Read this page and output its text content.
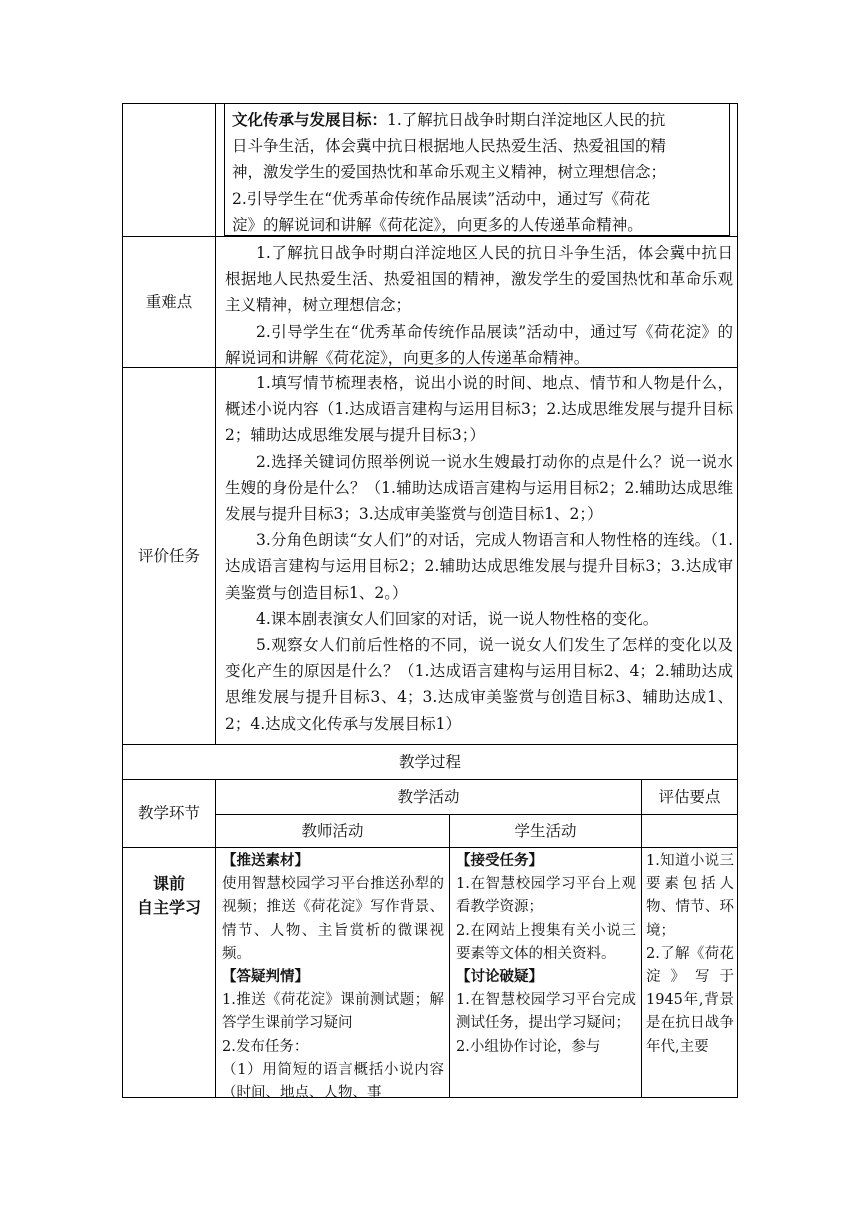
文化传承与发展目标：1.了解抗日战争时期白洋淀地区人民的抗
日斗争生活，体会冀中抗日根据地人民热爱生活、热爱祖国的精
神，激发学生的爱国热忱和革命乐观主义精神，树立理想信念；
2.引导学生在“优秀革命传统作品展读”活动中，通过写《荷花
淀》的解说词和讲解《荷花淀》，向更多的人传递革命精神。
重难点

1.了解抗日战争时期白洋淀地区人民的抗日斗争生活，体会冀中抗日根据地人民热爱生活、热爱祖国的精神，激发学生的爱国热忱和革命乐观主义精神，树立理想信念；

2.引导学生在“优秀革命传统作品展读”活动中，通过写《荷花淀》的解说词和讲解《荷花淀》，向更多的人传递革命精神。

评价任务

1.填写情节梳理表格，说出小说的时间、地点、情节和人物是什么，概述小说内容（1.达成语言建构与运用目标3；2.达成思维发展与提升目标2；辅助达成思维发展与提升目标3；）

2.选择关键词仿照举例说一说水生嫂最打动你的点是什么？说一说水生嫂的身份是什么？（1.辅助达成语言建构与运用目标2；2.辅助达成思维发展与提升目标3；3.达成审美鉴赏与创造目标1、2；）

3.分角色朗读“女人们”的对话，完成人物语言和人物性格的连线。（1.达成语言建构与运用目标2；2.辅助达成思维发展与提升目标3；3.达成审美鉴赏与创造目标1、2。）

4.课本剧表演女人们回家的对话，说一说人物性格的变化。

5.观察女人们前后性格的不同，说一说女人们发生了怎样的变化以及变化产生的原因是什么？（1.达成语言建构与运用目标2、4；2.辅助达成思维发展与提升目标3、4；3.达成审美鉴赏与创造目标3、辅助达成1、2；4.达成文化传承与发展目标1）

教学过程
教学环节
教学活动	评估要点
教师活动	学生活动
课前
自主学习
【推送素材】

使用智慧校园学习平台推送孙犁的视频；推送《荷花淀》写作背景、情节、人物、主旨赏析的微课视频。

【答疑判情】

1.推送《荷花淀》课前测试题；解答学生课前学习疑问

2.发布任务：

（1）用简短的语言概括小说内容（时间、地点、人物、事

【接受任务】

1.在智慧校园学习平台上观看教学资源；

2.在网站上搜集有关小说三要素等文体的相关资料。

【讨论破疑】

1.在智慧校园学习平台完成测试任务，提出学习疑问；

2.小组协作讨论，参与

1.知道小说三要素包括人物、情节、环境；

2.了解《荷花淀》写于1945年,背景是在抗日战争年代,主要
